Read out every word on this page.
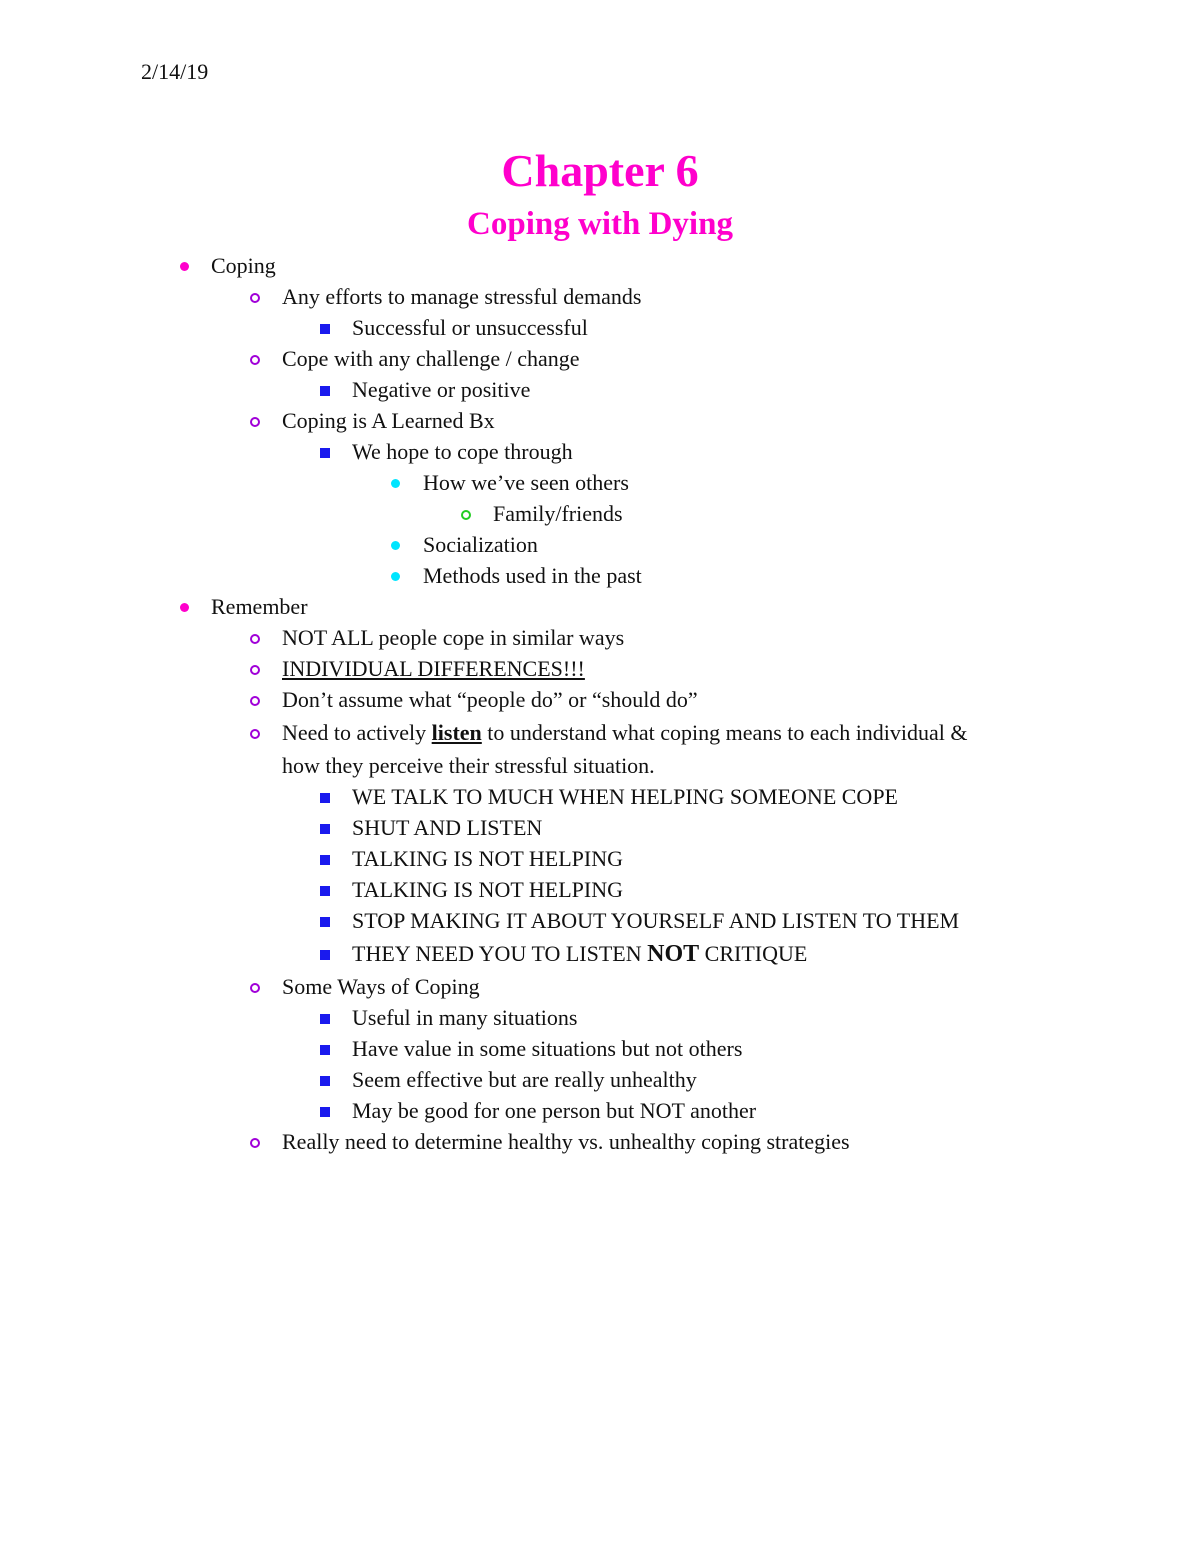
2/14/19
Chapter 6
Coping with Dying
Coping
Any efforts to manage stressful demands
Successful or unsuccessful
Cope with any challenge / change
Negative or positive
Coping is A Learned Bx
We hope to cope through
How we’ve seen others
Family/friends
Socialization
Methods used in the past
Remember
NOT ALL people cope in similar ways
INDIVIDUAL DIFFERENCES!!!
Don’t assume what “people do” or “should do”
Need to actively listen to understand what coping means to each individual &
how they perceive their stressful situation.
WE TALK TO MUCH WHEN HELPING SOMEONE COPE
SHUT AND LISTEN
TALKING IS NOT HELPING
TALKING IS NOT HELPING
STOP MAKING IT ABOUT YOURSELF AND LISTEN TO THEM
THEY NEED YOU TO LISTEN NOT CRITIQUE
Some Ways of Coping
Useful in many situations
Have value in some situations but not others
Seem effective but are really unhealthy
May be good for one person but NOT another
Really need to determine healthy vs. unhealthy coping strategies
